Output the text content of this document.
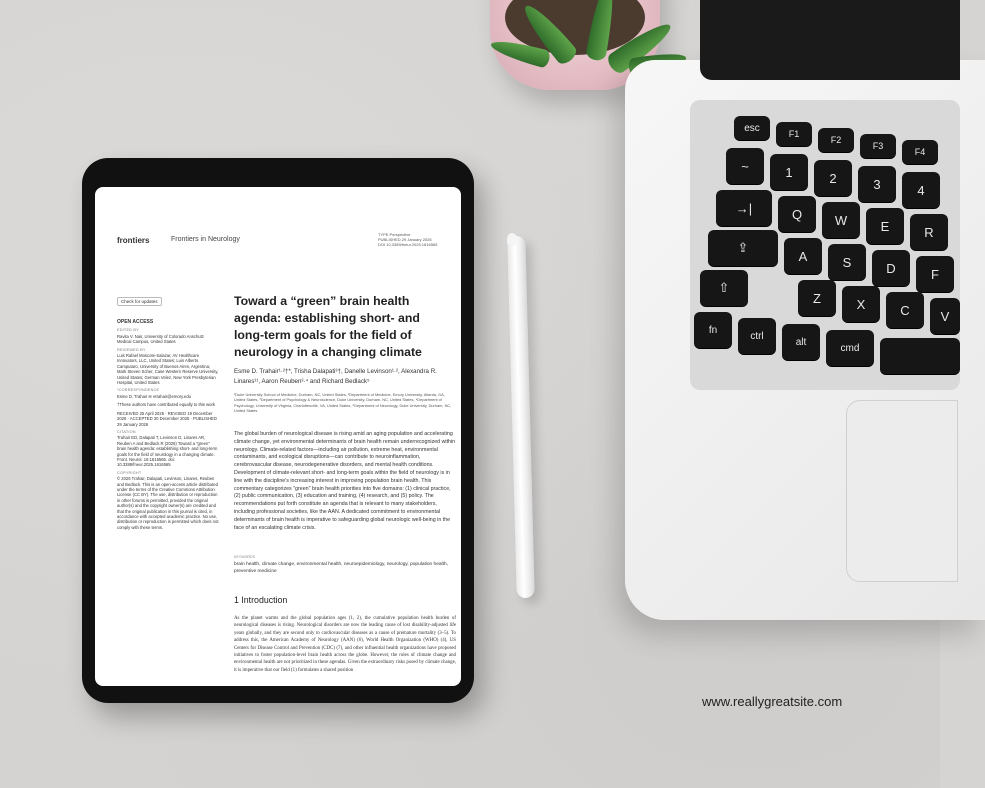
esc
F1
F2
F3
F4
~	1	2	3	4
→|	Q	W	E	R
⇪
A	S	D	F
⇧
Z	X	C	V
fn
ctrl
alt
cmd
frontiers	Frontiers in Neurology
TYPE Perspective
PUBLISHED 29 January 2026
DOI 10.3389/fneur.2025.1616565
Check for updates
OPEN ACCESS
EDITED BY
Ravita V. Nair, University of Colorado Anschutz Medical Campus, United States
REVIEWED BY
Luis Rafael Moscote-Salazar, AV Healthcare Innovators, LLC, United States; Luis Alberto Camputaro, University of Buenos Aires, Argentina; Mark Steven Scher, Case Western Reserve University, United States; German Velez, New York Presbyterian Hospital, United States
*CORRESPONDENCE
Esme D. Trahair ✉ etrahair@emory.edu
†These authors have contributed equally to this work
RECEIVED 25 April 2025 · REVISED 19 December 2025 · ACCEPTED 30 December 2025 · PUBLISHED 29 January 2026
CITATION
Trahair ED, Dalapati T, Levinson D, Linares AR, Reuben A and Bedlack R (2026) Toward a "green" brain health agenda: establishing short- and long-term goals for the field of neurology in a changing climate. Front. Neurol. 16:1616565. doi: 10.3389/fneur.2025.1616565
COPYRIGHT
© 2026 Trahair, Dalapati, Levinson, Linares, Reuben and Bedlack. This is an open-access article distributed under the terms of the Creative Commons Attribution License (CC BY). The use, distribution or reproduction in other forums is permitted, provided the original author(s) and the copyright owner(s) are credited and that the original publication in this journal is cited, in accordance with accepted academic practice. No use, distribution or reproduction is permitted which does not comply with these terms.
Toward a “green” brain health agenda: establishing short- and long-term goals for the field of neurology in a changing climate
Esme D. Trahair¹·²†*, Trisha Dalapati³†, Danelle Levinson¹·², Alexandra R. Linares¹¹, Aaron Reuben³·⁴ and Richard Bedlack⁵
¹Duke University School of Medicine, Durham, NC, United States, ²Department of Medicine, Emory University, Atlanta, GA, United States, ³Department of Psychology & Neuroscience, Duke University, Durham, NC, United States, ⁴Department of Psychology, University of Virginia, Charlottesville, VA, United States, ⁵Department of Neurology, Duke University, Durham, NC, United States
The global burden of neurological disease is rising amid an aging population and accelerating climate change, yet environmental determinants of brain health remain underrecognized within neurology. Climate-related factors—including air pollution, extreme heat, environmental contaminants, and ecological disruptions—can contribute to neuroinflammation, cerebrovascular disease, neurodegenerative disorders, and mental health conditions. Development of climate-relevant short- and long-term goals within the field of neurology is in line with the discipline's increasing interest in improving population brain health. This commentary categorizes "green" brain health priorities into five domains: (1) clinical practice, (2) public communication, (3) education and training, (4) research, and (5) policy. The recommendations put forth constitute an agenda that is relevant to many stakeholders, including professional societies, like the AAN. A dedicated commitment to environmental determinants of brain health is imperative to safeguarding global neurologic well-being in the face of an escalating climate crisis.
KEYWORDS
brain health, climate change, environmental health, neuroepidemiology, neurology, population health, preventive medicine
1 Introduction
As the planet warms and the global population ages (1, 2), the cumulative population health burden of neurological diseases is rising. Neurological disorders are now the leading cause of lost disability-adjusted life years globally, and they are second only to cardiovascular diseases as a cause of premature mortality (3–5). To address this, the American Academy of Neurology (AAN) (6), World Health Organization (WHO) (4), US Centers for Disease Control and Prevention (CDC) (7), and other influential health organizations have proposed initiatives to foster population-level brain health across the globe. However, the roles of climate change and environmental health are not prioritized in these agendas. Given the extraordinary risks posed by climate change, it is imperative that our field (1) formulates a shared position
www.reallygreatsite.com
